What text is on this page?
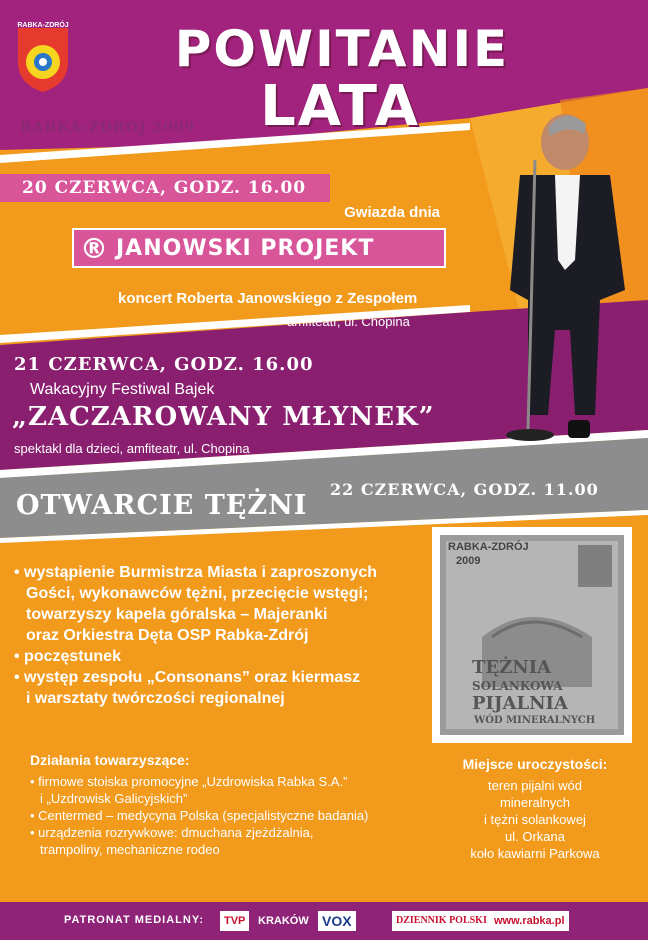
RABKA-ZDRÓJ	POWITANIE
LATA
RABKA-ZDRÓJ 2009
20 CZERWCA, GODZ. 16.00
Gwiazda dnia
® JANOWSKI PROJEKT
koncert Roberta Janowskiego z Zespołem
amfiteatr, ul. Chopina
21 CZERWCA, GODZ. 16.00
Wakacyjny Festiwal Bajek
„ZACZAROWANY MŁYNEK”
spektakl dla dzieci, amfiteatr, ul. Chopina
OTWARCIE TĘŻNI
22 CZERWCA, GODZ. 11.00
• wystąpienie Burmistrza Miasta i zaproszonych
Gości, wykonawców tężni, przecięcie wstęgi;
towarzyszy kapela góralska – Majeranki
oraz Orkiestra Dęta OSP Rabka-Zdrój
• poczęstunek
• występ zespołu „Consonans” oraz kiermasz
i warsztaty twórczości regionalnej
RABKA-ZDRÓJ
2009
TĘŻNIA
SOLANKOWA
PIJALNIA
WÓD MINERALNYCH
Działania towarzyszące:
• firmowe stoiska promocyjne „Uzdrowiska Rabka S.A.”
i „Uzdrowisk Galicyjskich”
• Centermed – medycyna Polska (specjalistyczne badania)
• urządzenia rozrywkowe: dmuchana zjeżdżalnia,
trampoliny, mechaniczne rodeo
Miejsce uroczystości:
teren pijalni wód
mineralnych
i tężni solankowej
ul. Orkana
koło kawiarni Parkowa
PATRONAT MEDIALNY:	TVP	KRAKÓW VOX	DZIENNIK POLSKI www.rabka.pl
